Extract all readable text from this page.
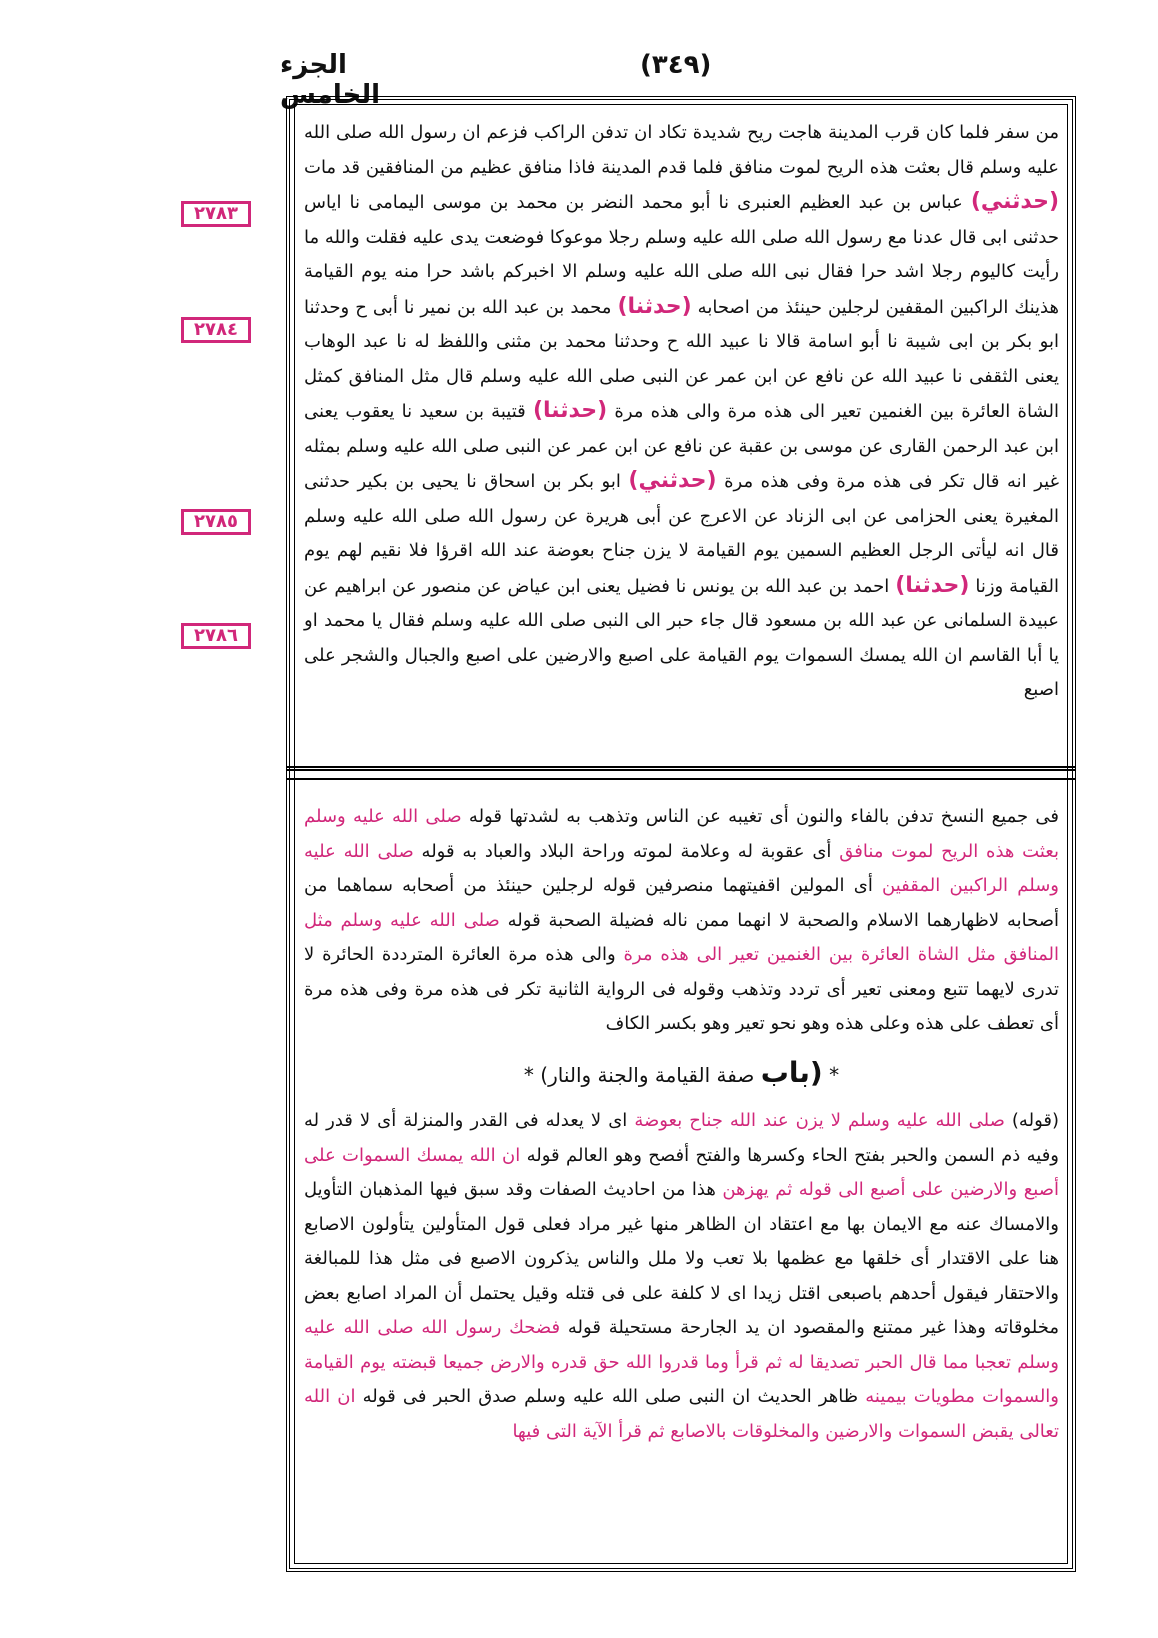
(٣٤٩)
الجزء الخامس
٢٧٨٣
٢٧٨٤
٢٧٨٥
٢٧٨٦

من سفر فلما كان قرب المدينة هاجت ريح شديدة تكاد ان تدفن الراكب فزعم ان رسول الله صلى الله عليه وسلم قال بعثت هذه الريح لموت منافق فلما قدم المدينة فاذا منافق عظيم من المنافقين قد مات (حدثني) عباس بن عبد العظيم العنبرى نا أبو محمد النضر بن محمد بن موسى اليمامى نا اياس حدثنى ابى قال عدنا مع رسول الله صلى الله عليه وسلم رجلا موعوكا فوضعت يدى عليه فقلت والله ما رأيت كاليوم رجلا اشد حرا فقال نبى الله صلى الله عليه وسلم الا اخبركم باشد حرا منه يوم القيامة هذينك الراكبين المقفين لرجلين حينئذ من اصحابه (حدثنا) محمد بن عبد الله بن نمير نا أبى ح وحدثنا ابو بكر بن ابى شيبة نا أبو اسامة قالا نا عبيد الله ح وحدثنا محمد بن مثنى واللفظ له نا عبد الوهاب يعنى الثقفى نا عبيد الله عن نافع عن ابن عمر عن النبى صلى الله عليه وسلم قال مثل المنافق كمثل الشاة العائرة بين الغنمين تعير الى هذه مرة والى هذه مرة (حدثنا) قتيبة بن سعيد نا يعقوب يعنى ابن عبد الرحمن القارى عن موسى بن عقبة عن نافع عن ابن عمر عن النبى صلى الله عليه وسلم بمثله غير انه قال تكر فى هذه مرة وفى هذه مرة (حدثني) ابو بكر بن اسحاق نا يحيى بن بكير حدثنى المغيرة يعنى الحزامى عن ابى الزناد عن الاعرج عن أبى هريرة عن رسول الله صلى الله عليه وسلم قال انه ليأتى الرجل العظيم السمين يوم القيامة لا يزن جناح بعوضة عند الله اقرؤا فلا نقيم لهم يوم القيامة وزنا (حدثنا) احمد بن عبد الله بن يونس نا فضيل يعنى ابن عياض عن منصور عن ابراهيم عن عبيدة السلمانى عن عبد الله بن مسعود قال جاء حبر الى النبى صلى الله عليه وسلم فقال يا محمد او يا أبا القاسم ان الله يمسك السموات يوم القيامة على اصبع والارضين على اصبع والجبال والشجر على اصبع

فى جميع النسخ تدفن بالفاء والنون أى تغيبه عن الناس وتذهب به لشدتها قوله صلى الله عليه وسلم بعثت هذه الريح لموت منافق أى عقوبة له وعلامة لموته وراحة البلاد والعباد به قوله صلى الله عليه وسلم الراكبين المقفين أى المولين اقفيتهما منصرفين قوله لرجلين حينئذ من أصحابه سماهما من أصحابه لاظهارهما الاسلام والصحبة لا انهما ممن ناله فضيلة الصحبة قوله صلى الله عليه وسلم مثل المنافق مثل الشاة العائرة بين الغنمين تعير الى هذه مرة والى هذه مرة العائرة المترددة الحائرة لا تدرى لايهما تتبع ومعنى تعير أى تردد وتذهب وقوله فى الرواية الثانية تكر فى هذه مرة وفى هذه مرة أى تعطف على هذه وعلى هذه وهو نحو تعير وهو بكسر الكاف

* (باب صفة القيامة والجنة والنار) *

(قوله) صلى الله عليه وسلم لا يزن عند الله جناح بعوضة اى لا يعدله فى القدر والمنزلة أى لا قدر له وفيه ذم السمن والحبر بفتح الحاء وكسرها والفتح أفصح وهو العالم قوله ان الله يمسك السموات على أصبع والارضين على أصبع الى قوله ثم يهزهن هذا من احاديث الصفات وقد سبق فيها المذهبان التأويل والامساك عنه مع الايمان بها مع اعتقاد ان الظاهر منها غير مراد فعلى قول المتأولين يتأولون الاصابع هنا على الاقتدار أى خلقها مع عظمها بلا تعب ولا ملل والناس يذكرون الاصبع فى مثل هذا للمبالغة والاحتقار فيقول أحدهم باصبعى اقتل زيدا اى لا كلفة على فى قتله وقيل يحتمل أن المراد اصابع بعض مخلوقاته وهذا غير ممتنع والمقصود ان يد الجارحة مستحيلة قوله فضحك رسول الله صلى الله عليه وسلم تعجبا مما قال الحبر تصديقا له ثم قرأ وما قدروا الله حق قدره والارض جميعا قبضته يوم القيامة والسموات مطويات بيمينه ظاهر الحديث ان النبى صلى الله عليه وسلم صدق الحبر فى قوله ان الله تعالى يقبض السموات والارضين والمخلوقات بالاصابع ثم قرأ الآية التى فيها
